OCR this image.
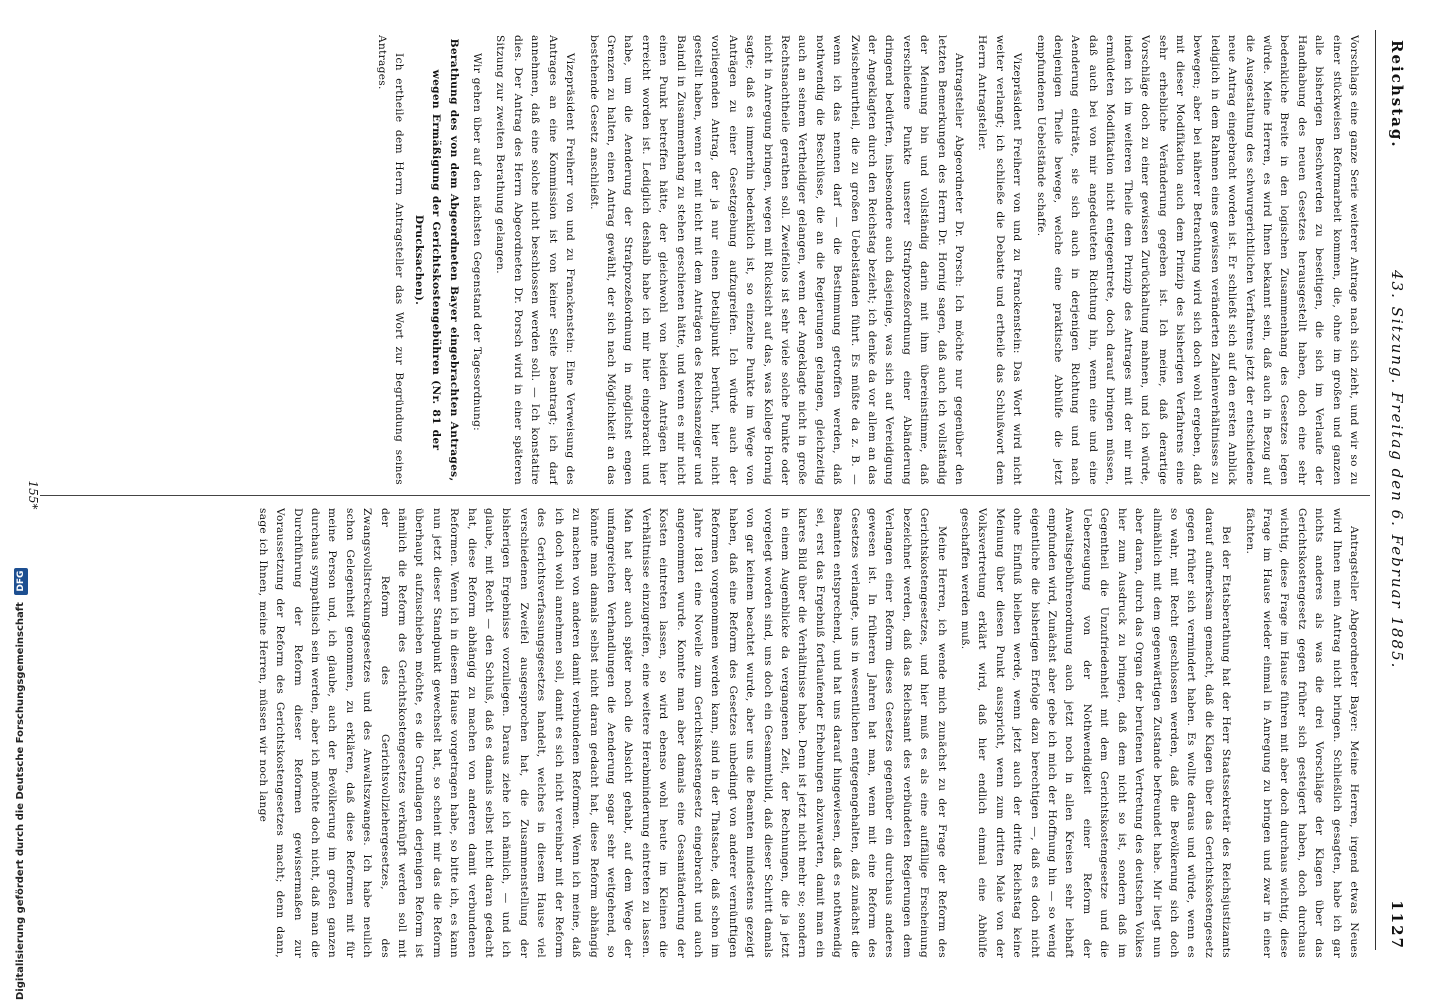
Reichstag.
43. Sitzung. Freitag den 6. Februar 1885.
1127

Vorschlags eine ganze Serie weiterer Antrage nach sich zieht, und wir so zu einer stückweisen Reformarbeit kommen, die, ohne im großen und ganzen alle bisherigen Beschwerden zu beseitigen, die sich im Verlaufe der Handhabung des neuen Gesetzes herausgestellt haben, doch eine sehr bedenkliche Breite in den logischen Zusammenhang des Gesetzes legen würde. Meine Herren, es wird Ihnen bekannt sein, daß auch in Bezug auf die Ausgestaltung des schwurgerichtlichen Verfahrens jetzt der entschiedene neue Antrag eingebracht worden ist. Er schließt sich auf den ersten Anblick lediglich in dem Rahmen eines gewissen veränderten Zahlenverhältnisses zu bewegen; aber bei näherer Betrachtung wird sich doch wohl ergeben, daß mit dieser Modifikation auch dem Prinzip des bisherigen Verfahrens eine sehr erhebliche Veränderung gegeben ist. Ich meine, daß derartige Vorschläge doch zu einer gewissen Zurückhaltung mahnen, und ich würde, indem ich im weiteren Theile dem Prinzip des Antrages mit der mir mit ermüdeten Modifikation nicht entgegentrete, doch darauf bringen müssen, daß auch bei von mir angedeuteten Richtung hin, wenn eine und eine Aenderung einträte, sie sich auch in derjenigen Richtung und nach denjenigen Theile bewege, welche eine praktische Abhülfe die jetzt empfundenen Uebelstände schaffe.

Vizepräsident Freiherr von und zu Franckenstein: Das Wort wird nicht weiter verlangt; ich schließe die Debatte und ertheile das Schlußwort dem Herrn Antragsteller.

Antragsteller Abgeordneter Dr. Porsch: Ich möchte nur gegenüber den letzten Bemerkungen des Herrn Dr. Hornig sagen, daß auch ich vollständig der Meinung bin und vollständig darin mit ihm übereinstimme, daß verschiedene Punkte unserer Strafprozeßordnung einer Abänderung dringend bedürfen, insbesondere auch dasjenige, was sich auf Vereidigung der Angeklagten durch den Reichstag bezieht; ich denke da vor allem an das Zwischenurtheil, die zu großen Uebelständen führt. Es müßte da z. B. — wenn ich das nennen darf — die Bestimmung getroffen werden, daß nothwendig die Beschlüsse, die an die Regierungen gelangen, gleichzeitig auch an seinem Vertheidiger gelangen, wenn der Angeklagte nicht in große Rechtsnachtheile gerathen soll. Zweifellos ist sehr viele solche Punkte oder nicht in Anregung bringen, wegen mit Rücksicht auf das, was Kollege Hornig sagte; daß es immerhin bedenklich ist, so einzelne Punkte im Wege von Anträgen zu einer Gesetzgebung aufzugreifen. Ich würde auch der vorliegenden Antrag, der ja nur einen Detailpunkt berührt, hier nicht gestellt haben, wenn er mit nicht mit dem Anträgen des Reichsanzeiger und Baindl in Zusammenhang zu stehen geschienen hätte, und wenn es mir nicht einen Punkt betreffen hätte, der gleichwohl von beiden Anträgen hier erreicht worden ist. Lediglich deshalb habe ich mir hier eingebracht und habe, um die Aenderung der Strafprozeßordnung in möglichst engen Grenzen zu halten, einen Antrag gewählt, der sich nach Möglichkeit an das bestehende Gesetz anschließt.

Vizepräsident Freiherr von und zu Franckenstein: Eine Verweisung des Antrages an eine Kommission ist von keiner Seite beantragt; ich darf annehmen, daß eine solche nicht beschlossen werden soll. — Ich konstatire dies. Der Antrag des Herrn Abgeordneten Dr. Porsch wird in einer späteren Sitzung zur zweiten Berathung gelangen.

Wir gehen über auf den nächsten Gegenstand der Tagesordnung:

Berathung des von dem Abgeordneten Bayer eingebrachten Antrages, wegen Ermäßigung der Gerichtskostengebühren (Nr. 81 der Drucksachen).

Ich ertheile dem Herrn Antragsteller das Wort zur Begründung seines Antrages.

Antragsteller Abgeordneter Bayer: Meine Herren, irgend etwas Neues wird Ihnen mein Antrag nicht bringen. Schließlich gesagten, habe ich gar nichts anderes als was die drei Vorschläge der Klagen über das Gerichtskostengesetz gegen früher sich gesteigert haben, doch durchaus wichtig, diese Frage im Hause führen mit aber doch durchaus wichtig, diese Frage im Hause wieder einmal in Anregung zu bringen und zwar in einer fächten.

Bei der Etatsberathung hat der Herr Staatssekretär des Reichsjustizamts darauf aufmerksam gemacht, daß die Klagen über das Gerichtskostengesetz gegen früher sich vermindert haben. Es wollte daraus und würde, wenn es so wahr, mit Recht geschlossen werden, daß die Bevölkerung sich doch allmählich mit dem gegenwärtigen Zustande befreundet habe. Mir liegt nun aber daran, durch das Organ der berufenen Vertretung des deutschen Volkes hier zum Ausdruck zu bringen, daß dem nicht so ist, sondern daß im Gegentheil die Unzufriedenheit mit dem Gerichtskostengesetze und die Ueberzeugung von der Nothwendigkeit einer Reform der Anwaltsgebührenordnung auch jetzt noch in allen Kreisen sehr lebhaft empfunden wird, Zunächst aber gebe ich mich der Hoffnung hin — so wenig eigentliche die bisherigen Erfolge dazu berechtigen —, daß es doch nicht ohne Einfluß bleiben werde, wenn jetzt auch der dritte Reichstag keine Meinung über diesen Punkt ausspricht, wenn zum dritten Male von der Volksvertretung erklärt wird, daß hier endlich einmal eine Abhülfe geschaffen werden muß.

Meine Herren, ich wende mich zunächst zu der Frage der Reform des Gerichtskostengesetzes, und hier muß es als eine auffällige Erscheinung bezeichnet werden, daß das Reichsamt des verbündeten Regierungen dem Verlangen einer Reform dieses Gesetzes gegenüber ein durchaus anderes gewesen ist. In früheren Jahren hat man, wenn mit eine Reform des Gesetzes verlangte, uns in wesentlichen entgegengehalten, daß zunächst die Beamten entsprechend, und hat uns darauf hingewiesen, daß es nothwendig sei, erst das Ergebniß fortlaufender Erhebungen abzuwarten, damit man ein klares Bild über die Verhältnisse habe. Denn ist jetzt nicht mehr so; sondern in einem Augenblicke da vergangenen Zeit, der Rechnungen, die ja jetzt vorgelegt worden sind, uns doch ein Gesammtbild, daß dieser Schritt damals von gar keinem beachtet wurde, aber uns die Beamten mindestens gezeigt haben, daß eine Reform des Gesetzes unbedingt von anderer vernünftigen Reformen vorgenommen werden kann, sind in der Thatsache, daß schon im Jahre 1881 eine Novelle zum Gerichtskostengesetz eingebracht und auch angenommen wurde. Konnte man aber damals eine Gesamtänderung der Kosten eintreten lassen, so wird ebenso wohl heute im Kleinen die Verhältnisse einzugreifen, eine weitere Herabminderung eintreten zu lassen. Man hat aber auch später noch die Absicht gehabt, auf dem Wege der umfangreichen Verhandlungen die Aenderung sogar sehr weitgehend, so könnte man damals selbst nicht daran gedacht hat, diese Reform abhängig zu machen von anderen damit verbundenen Reformen. Wenn ich meine, daß ich doch wohl annehmen soll, damit es sich nicht vereinbar mit der Reform des Gerichtsverfassungsgesetzes handelt, welches in diesem Hause viel verschiedenen Zweifel ausgesprochen hat, die Zusammenstellung der bisherigen Ergebnisse vorzuliegen. Daraus ziehe ich nämlich, — und ich glaube, mit Recht — den Schluß, daß es damals selbst nicht daran gedacht hat, diese Reform abhängig zu machen von anderen damit verbundenen Reformen. Wenn ich in diesem Hause vorgetragen habe, so bitte ich, es kann nun jetzt dieser Standpunkt gewechselt hat, so scheint mir das die Reform überhaupt aufzuschieben möchte, es die Grundlagen derjenigen Reform ist nämlich die Reform des Gerichtskostengesetzes verknüpft werden soll mit der Reform des Gerichtsvollziehergesetzes, des Zwangsvollstreckungsgesetzes und des Anwaltszwanges. Ich habe neulich schon Gelegenheit genommen, zu erklären, daß diese Reformen mit für meine Person und, ich glaube, auch der Bevölkerung im großen ganzen durchaus sympathisch sein werden, aber ich möchte doch nicht, daß man die Durchführung der Reform dieser Reformen gewissermaßen zur Voraussetzung der Reform des Gerichtskostengesetzes macht; denn dann, sage ich Ihnen, meine Herren, müssen wir noch lange

155*
Digitalisierung gefördert durch die Deutsche Forschungsgemeinschaft DFG
